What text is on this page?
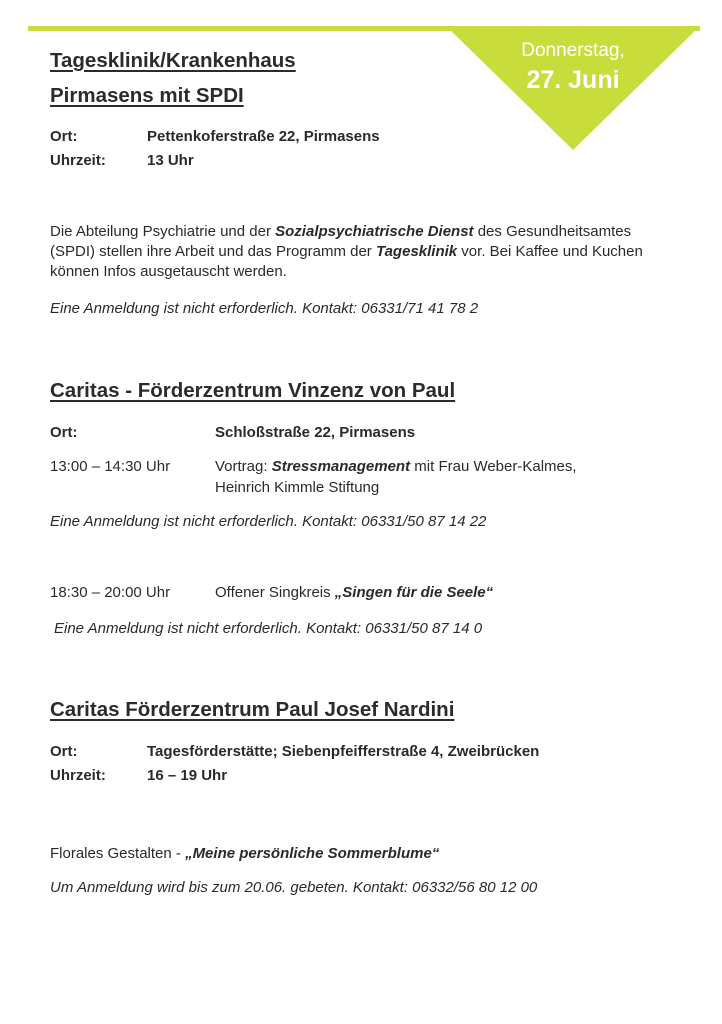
Donnerstag,
27. Juni
Tagesklinik/Krankenhaus
Pirmasens mit SPDI
Ort:	Pettenkoferstraße 22, Pirmasens
Uhrzeit:	13 Uhr
Die Abteilung Psychiatrie und der Sozialpsychiatrische Dienst des Gesundheitsamtes (SPDI) stellen ihre Arbeit und das Programm der Tagesklinik vor. Bei Kaffee und Kuchen können Infos ausgetauscht werden.
Eine Anmeldung ist nicht erforderlich. Kontakt: 06331/71 41 78 2
Caritas - Förderzentrum Vinzenz von Paul
Ort:	Schloßstraße 22, Pirmasens
13:00 – 14:30 Uhr	Vortrag: Stressmanagement mit Frau Weber-Kalmes,
Heinrich Kimmle Stiftung
Eine Anmeldung ist nicht erforderlich. Kontakt: 06331/50 87 14 22
18:30 – 20:00 Uhr	Offener Singkreis „Singen für die Seele“
Eine Anmeldung ist nicht erforderlich. Kontakt: 06331/50 87 14 0
Caritas Förderzentrum Paul Josef Nardini
Ort:	Tagesförderstätte; Siebenpfeifferstraße 4, Zweibrücken
Uhrzeit:	16 – 19 Uhr
Florales Gestalten - „Meine persönliche Sommerblume“
Um Anmeldung wird bis zum 20.06. gebeten. Kontakt: 06332/56 80 12 00
